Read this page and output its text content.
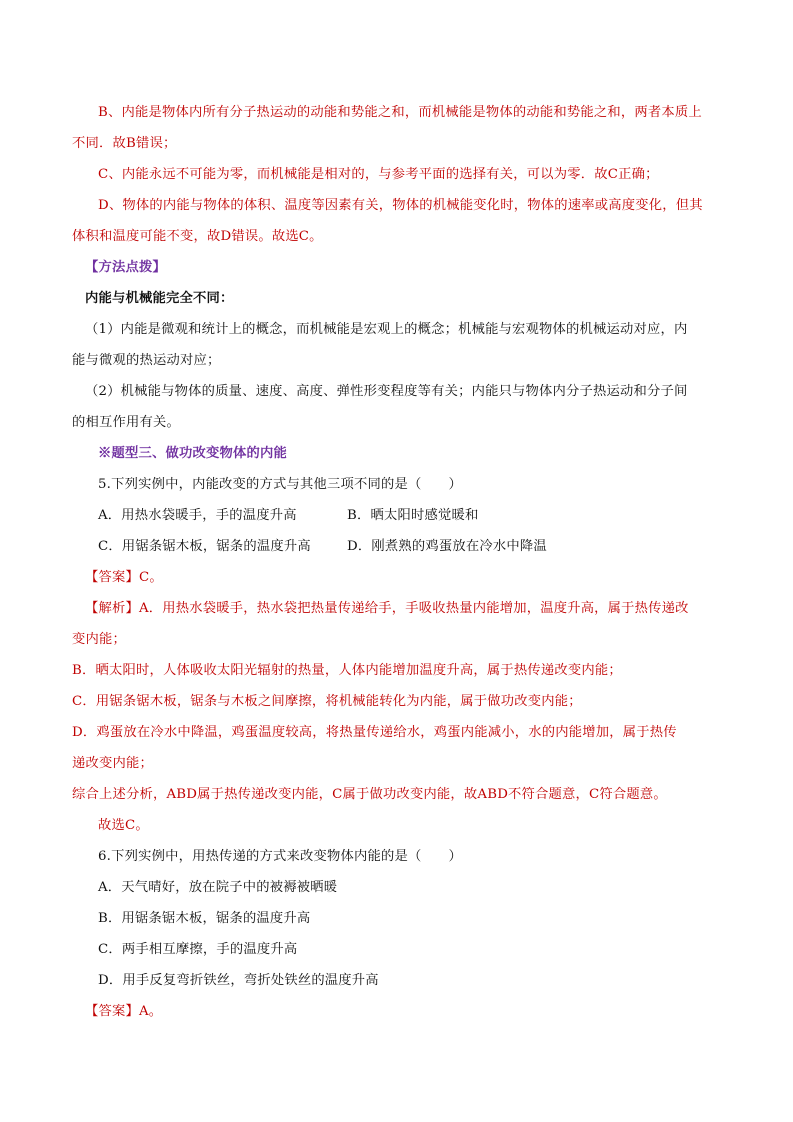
B、内能是物体内所有分子热运动的动能和势能之和，而机械能是物体的动能和势能之和，两者本质上
不同．故B错误；
C、内能永远不可能为零，而机械能是相对的，与参考平面的选择有关，可以为零．故C正确；
D、物体的内能与物体的体积、温度等因素有关，物体的机械能变化时，物体的速率或高度变化，但其
体积和温度可能不变，故D错误。故选C。
【方法点拨】
内能与机械能完全不同：
（1）内能是微观和统计上的概念，而机械能是宏观上的概念；机械能与宏观物体的机械运动对应，内
能与微观的热运动对应；
（2）机械能与物体的质量、速度、高度、弹性形变程度等有关；内能只与物体内分子热运动和分子间
的相互作用有关。
※题型三、做功改变物体的内能
5.下列实例中，内能改变的方式与其他三项不同的是（　　）
A．用热水袋暖手，手的温度升高	B．晒太阳时感觉暖和
C．用锯条锯木板，锯条的温度升高	D．刚煮熟的鸡蛋放在冷水中降温
【答案】C。
【解析】A．用热水袋暖手，热水袋把热量传递给手，手吸收热量内能增加，温度升高，属于热传递改
变内能；
B．晒太阳时，人体吸收太阳光辐射的热量，人体内能增加温度升高，属于热传递改变内能；
C．用锯条锯木板，锯条与木板之间摩擦，将机械能转化为内能，属于做功改变内能；
D．鸡蛋放在冷水中降温，鸡蛋温度较高，将热量传递给水，鸡蛋内能减小，水的内能增加，属于热传
递改变内能；
综合上述分析，ABD属于热传递改变内能，C属于做功改变内能，故ABD不符合题意，C符合题意。
故选C。
6.下列实例中，用热传递的方式来改变物体内能的是（　　）
A．天气晴好，放在院子中的被褥被晒暖
B．用锯条锯木板，锯条的温度升高
C．两手相互摩擦，手的温度升高
D．用手反复弯折铁丝，弯折处铁丝的温度升高
【答案】A。
